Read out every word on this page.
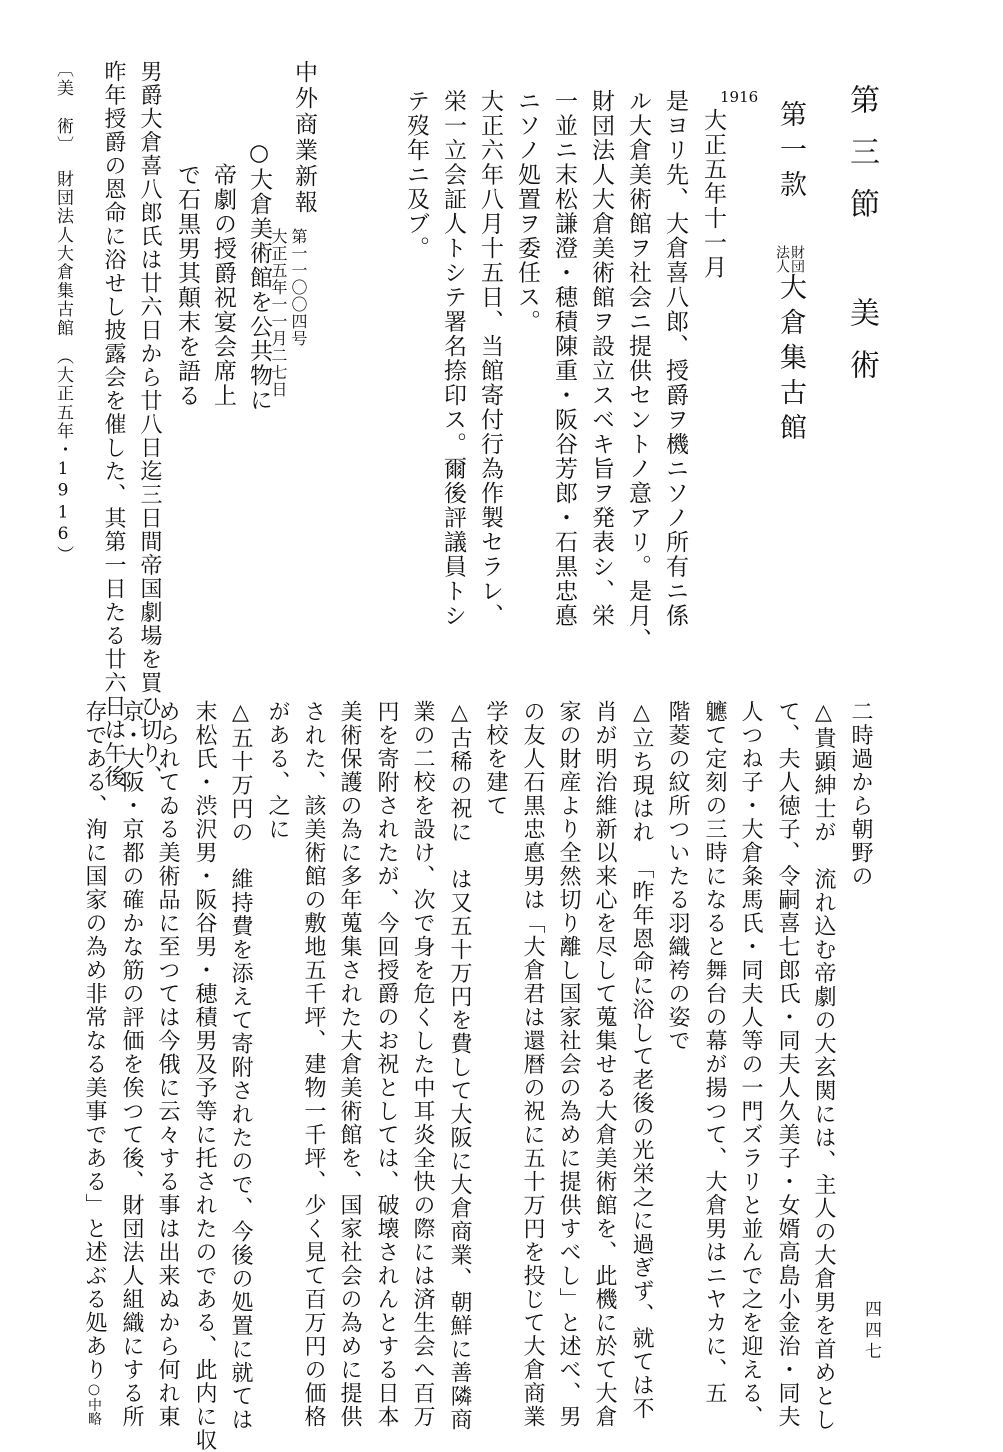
第三節 美術
第一款財団法人大倉集古館
1916
大正五年十一月
是ヨリ先、大倉喜八郎、授爵ヲ機ニソノ所有ニ係
ル大倉美術館ヲ社会ニ提供セントノ意アリ。是月、
財団法人大倉美術館ヲ設立スベキ旨ヲ発表シ、栄
一並ニ末松謙澄・穂積陳重・阪谷芳郎・石黒忠悳
ニソノ処置ヲ委任ス。
大正六年八月十五日、当館寄付行為作製セラレ、
栄一立会証人トシテ署名捺印ス。爾後評議員トシ
テ歿年ニ及ブ。
中外商業新報
第一一〇〇四号
大正五年一一月二七日
○大倉美術館を公共物に
帝劇の授爵祝宴会席上
で石黒男其顛末を語る
男爵大倉喜八郎氏は廿六日から廿八日迄三日間帝国劇場を買ひ切り、
昨年授爵の恩命に浴せし披露会を催した、其第一日たる廿六日は午後
〔美　術〕
財団法人大倉集古館　（大正五年・1916）
四四七
二時過から朝野の
△貴顕紳士が　流れ込む帝劇の大玄関には、主人の大倉男を首めとし
て、夫人徳子、令嗣喜七郎氏・同夫人久美子・女婿高島小金治・同夫
人つね子・大倉粂馬氏・同夫人等の一門ズラリと並んで之を迎える、
軈て定刻の三時になると舞台の幕が揚つて、大倉男はニヤカに、五
階菱の紋所ついたる羽織袴の姿で
△立ち現はれ　「昨年恩命に浴して老後の光栄之に過ぎず、就ては不
肖が明治維新以来心を尽して蒐集せる大倉美術館を、此機に於て大倉
家の財産より全然切り離し国家社会の為めに提供すべし」と述べ、男
の友人石黒忠悳男は「大倉君は還暦の祝に五十万円を投じて大倉商業
学校を建て
△古稀の祝に　は又五十万円を費して大阪に大倉商業、朝鮮に善隣商
業の二校を設け、次で身を危くした中耳炎全快の際には済生会へ百万
円を寄附されたが、今回授爵のお祝としては、破壊されんとする日本
美術保護の為に多年蒐集された大倉美術館を、国家社会の為めに提供
された、該美術館の敷地五千坪、建物一千坪、少く見て百万円の価格
がある、之に
△五十万円の　維持費を添えて寄附されたので、今後の処置に就ては
末松氏・渋沢男・阪谷男・穂積男及予等に托されたのである、此内に収
められてゐる美術品に至つては今俄に云々する事は出来ぬから何れ東
京・大阪・京都の確かな筋の評価を俟つて後、財団法人組織にする所
存である、洵に国家の為め非常なる美事である」と述ぶる処あり○中略
